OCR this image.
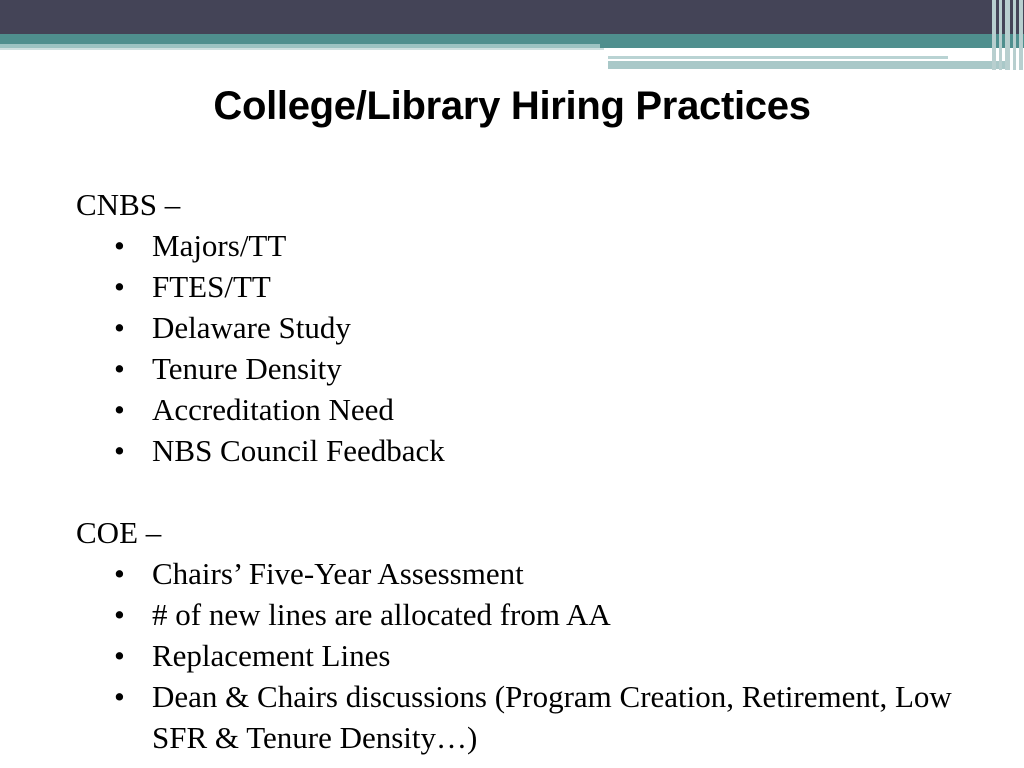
College/Library Hiring Practices

CNBS –

• Majors/TT
• FTES/TT
• Delaware Study
• Tenure Density
• Accreditation Need
• NBS Council Feedback

COE –

• Chairs’ Five-Year Assessment
• # of new lines are allocated from AA
• Replacement Lines
• Dean & Chairs discussions (Program Creation, Retirement, Low SFR & Tenure Density…)
